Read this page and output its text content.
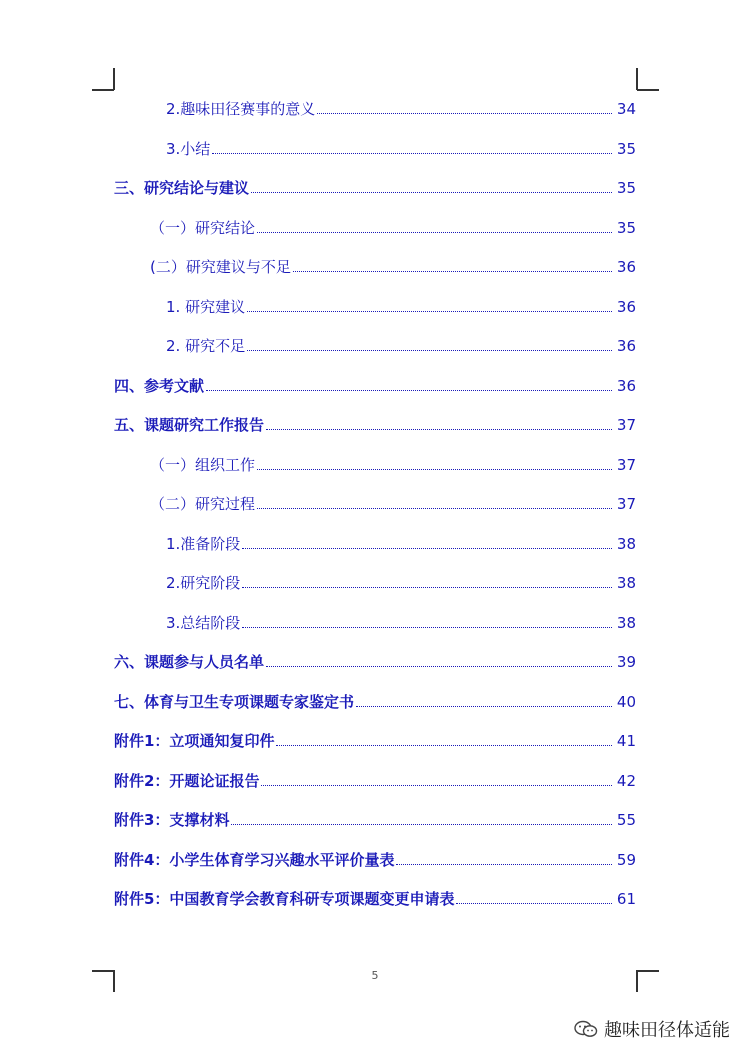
2.趣味田径赛事的意义	34
3.小结	35
三、研究结论与建议	35
（一）研究结论	35
(二）研究建议与不足	36
1. 研究建议	36
2. 研究不足	36
四、参考文献	36
五、课题研究工作报告	37
（一）组织工作	37
（二）研究过程	37
1.准备阶段	38
2.研究阶段	38
3.总结阶段	38
六、课题参与人员名单	39
七、体育与卫生专项课题专家鉴定书	40
附件1：立项通知复印件	41
附件2：开题论证报告	42
附件3：支撑材料	55
附件4：小学生体育学习兴趣水平评价量表	59
附件5：中国教育学会教育科研专项课题变更申请表	61
5
趣味田径体适能
